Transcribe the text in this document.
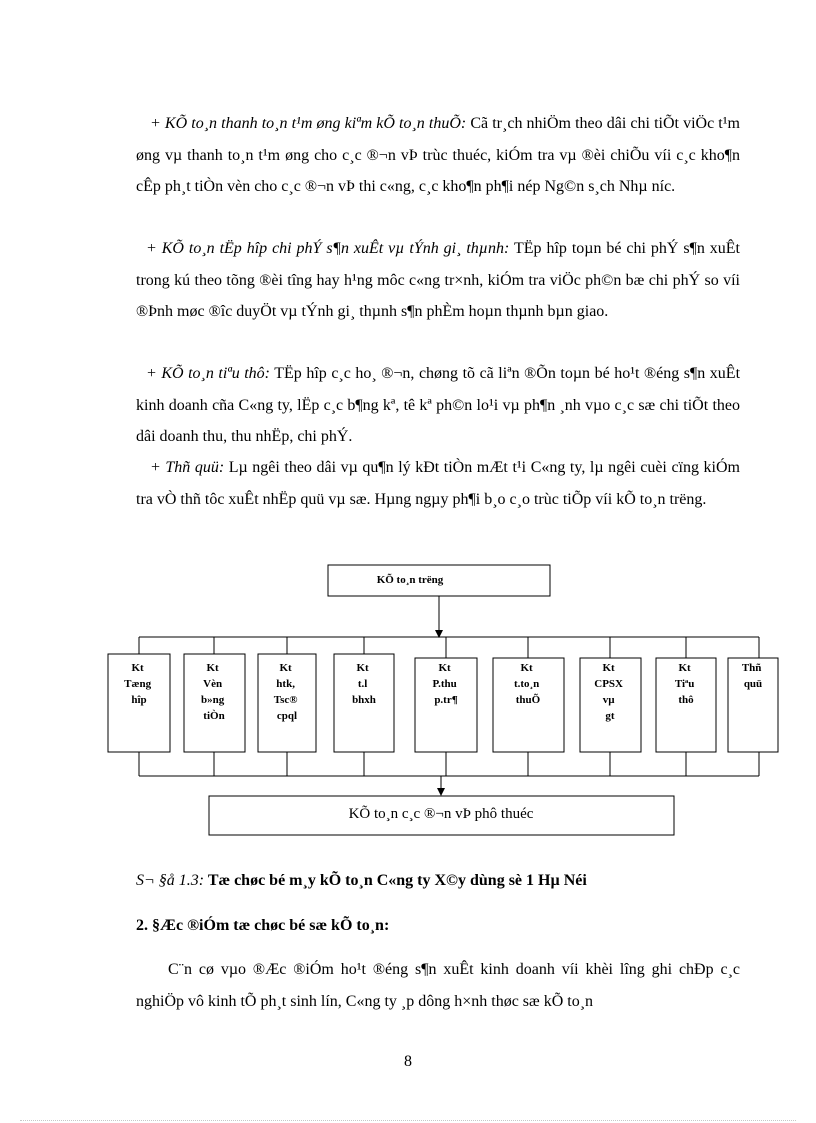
+ KÕ to¸n thanh to¸n t¹m øng kiªm kÕ to¸n thuÕ: Cã tr¸ch nhiÖm theo dâi chi tiÕt viÖc t¹m øng vµ thanh to¸n t¹m øng cho c¸c ®¬n vÞ trùc thuéc, kiÓm tra vµ ®èi chiÕu víi c¸c kho¶n cÊp ph¸t tiÒn vèn cho c¸c ®¬n vÞ thi c«ng, c¸c kho¶n ph¶i nép Ng©n s¸ch Nhµ níc.

+ KÕ to¸n tËp hîp chi phÝ s¶n xuÊt vµ tÝnh gi¸ thµnh: TËp hîp toµn bé chi phÝ s¶n xuÊt trong kú theo tõng ®èi tîng hay h¹ng môc c«ng tr×nh, kiÓm tra viÖc ph©n bæ chi phÝ so víi ®Þnh møc ®îc duyÖt vµ tÝnh gi¸ thµnh s¶n phÈm hoµn thµnh bµn giao.

+ KÕ to¸n tiªu thô: TËp hîp c¸c ho¸ ®¬n, chøng tõ cã liªn ®Õn toµn bé ho¹t ®éng s¶n xuÊt kinh doanh cña C«ng ty, lËp c¸c b¶ng kª, tê kª ph©n lo¹i vµ ph¶n ¸nh vµo c¸c sæ chi tiÕt theo dâi doanh thu, thu nhËp, chi phÝ.

+ Thñ quü: Lµ ngêi theo dâi vµ qu¶n lý kÐt tiÒn mÆt t¹i C«ng ty, lµ ngêi cuèi cïng kiÓm tra vÒ thñ tôc xuÊt nhËp quü vµ sæ. Hµng ngµy ph¶i b¸o c¸o trùc tiÕp víi kÕ to¸n trëng.

KÕ to¸n trëng
Kt Tæng hîp
Kt Vèn b»ng tiÒn
Kt htk, Tsc® cpql
Kt t.l bhxh
Kt P.thu p.tr¶
Kt t.to¸n thuÕ
Kt CPSX vµ gt
Kt Tiªu thô
Thñ quü
KÕ to¸n c¸c ®¬n vÞ phô thuéc

S¬ §å 1.3: Tæ chøc bé m¸y kÕ to¸n C«ng ty X©y dùng sè 1 Hµ Néi

2. §Æc ®iÓm tæ chøc bé sæ kÕ to¸n:

C¨n cø vµo ®Æc ®iÓm ho¹t ®éng s¶n xuÊt kinh doanh víi khèi lîng ghi chÐp c¸c nghiÖp vô kinh tÕ ph¸t sinh lín, C«ng ty ¸p dông h×nh thøc sæ kÕ to¸n

8
